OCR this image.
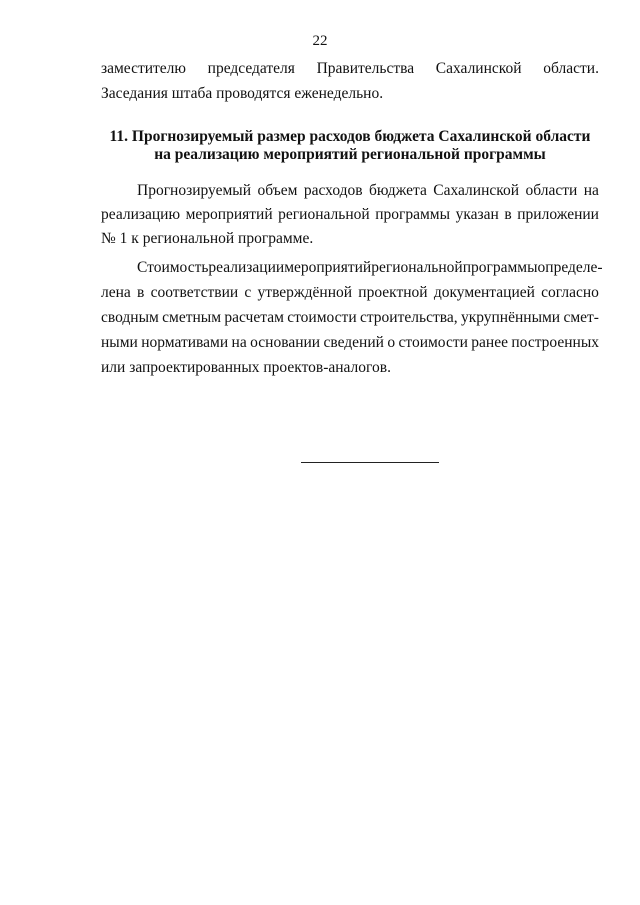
22
заместителю председателя Правительства Сахалинской области.
Заседания штаба проводятся еженедельно.
11. Прогнозируемый размер расходов бюджета Сахалинской области
на реализацию мероприятий региональной программы
Прогнозируемый объем расходов бюджета Сахалинской области на
реализацию мероприятий региональной программы указан в приложении
№ 1 к региональной программе.
Стоимость реализации мероприятий региональной программы определе-
лена в соответствии с утверждённой проектной документацией согласно
сводным сметным расчетам стоимости строительства, укрупнёнными смет-
ными нормативами на основании сведений о стоимости ранее построенных
или запроектированных проектов-аналогов.
